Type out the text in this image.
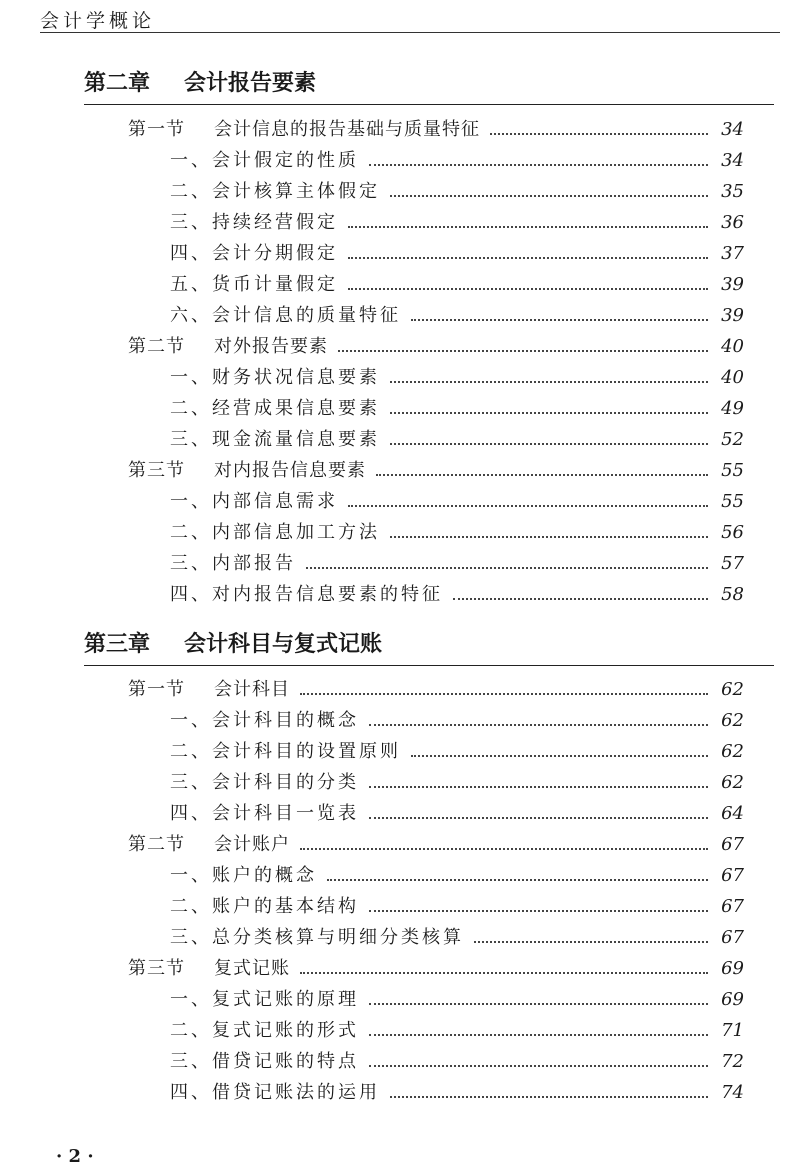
会计学概论
第二章 会计报告要素
第一节	会计信息的报告基础与质量特征	34
一、会计假定的性质	34
二、会计核算主体假定	35
三、持续经营假定	36
四、会计分期假定	37
五、货币计量假定	39
六、会计信息的质量特征	39
第二节	对外报告要素	40
一、财务状况信息要素	40
二、经营成果信息要素	49
三、现金流量信息要素	52
第三节	对内报告信息要素	55
一、内部信息需求	55
二、内部信息加工方法	56
三、内部报告	57
四、对内报告信息要素的特征	58
第三章 会计科目与复式记账
第一节	会计科目	62
一、会计科目的概念	62
二、会计科目的设置原则	62
三、会计科目的分类	62
四、会计科目一览表	64
第二节	会计账户	67
一、账户的概念	67
二、账户的基本结构	67
三、总分类核算与明细分类核算	67
第三节	复式记账	69
一、复式记账的原理	69
二、复式记账的形式	71
三、借贷记账的特点	72
四、借贷记账法的运用	74
· 2 ·
